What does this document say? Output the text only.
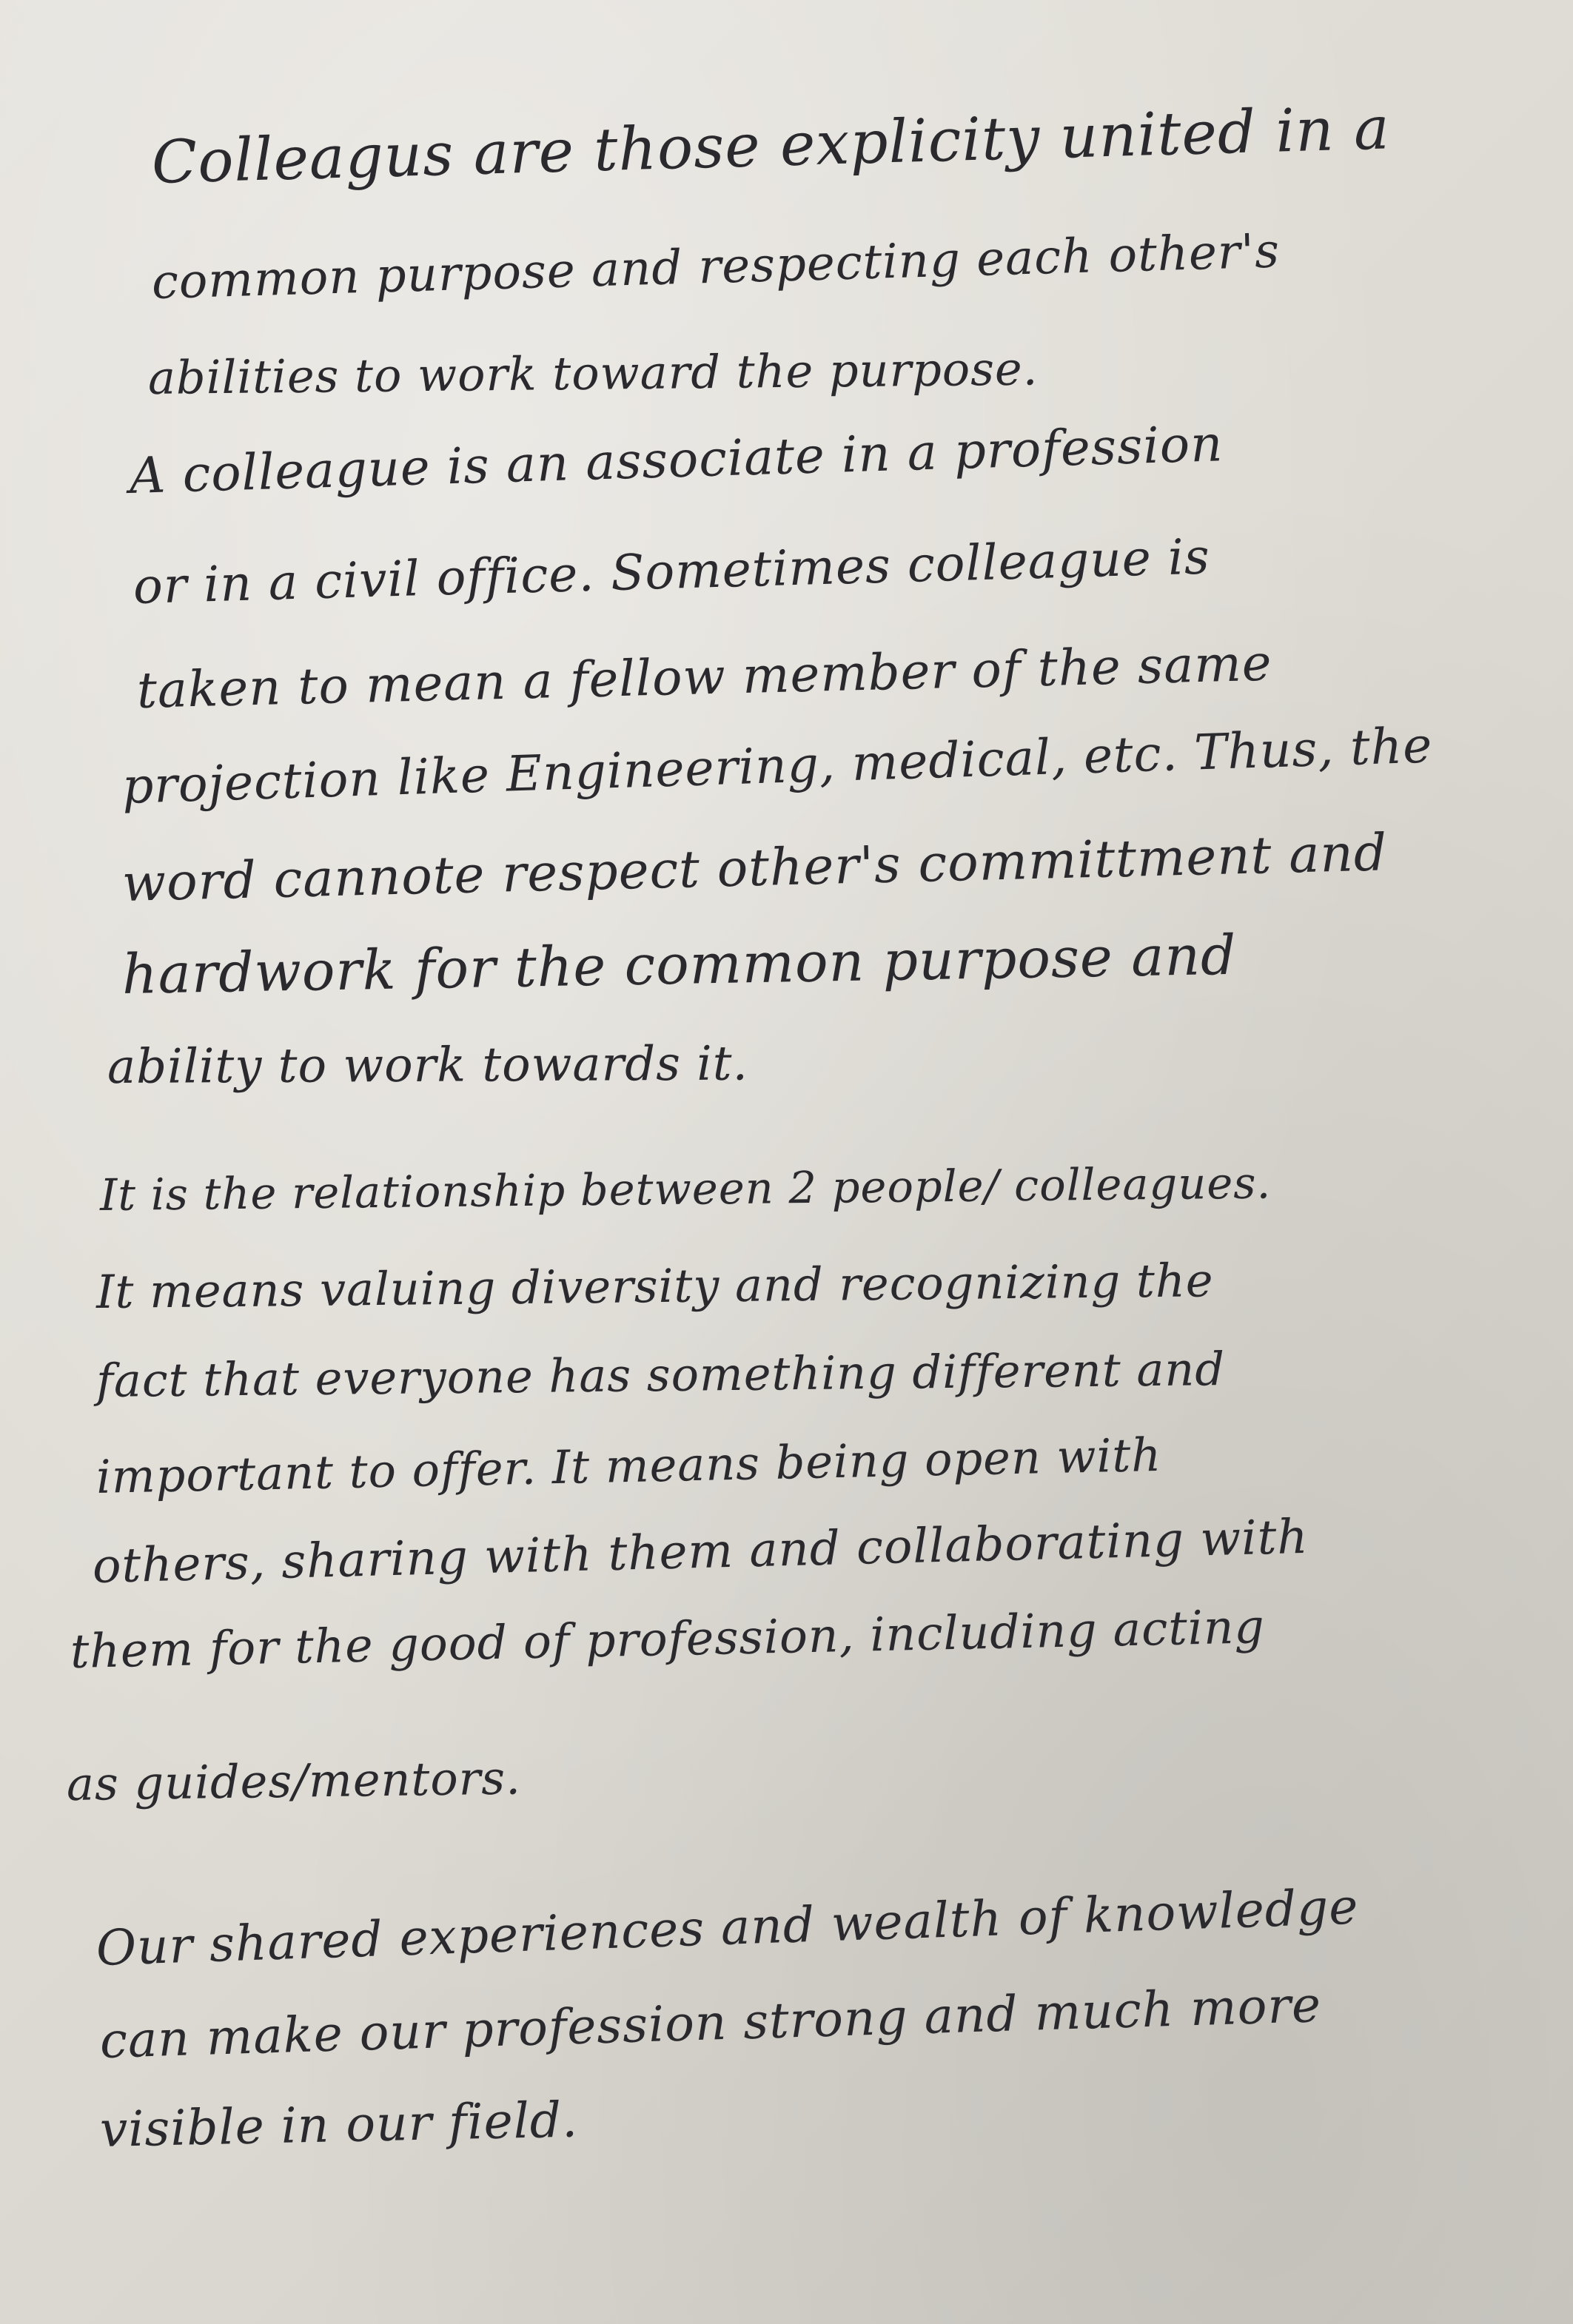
Colleagus are those explicity united in a
common purpose and respecting each other's
abilities to work toward the purpose.
A colleague is an associate in a profession
or in a civil office. Sometimes colleague is
taken to mean a fellow member of the same
projection like Engineering, medical, etc. Thus, the
word cannote respect other's committment and
hardwork for the common purpose and
ability to work towards it.
It is the relationship between 2 people/ colleagues.
It means valuing diversity and recognizing the
fact that everyone has something different and
important to offer. It means being open with
others, sharing with them and collaborating with
them for the good of profession, including acting
as guides/mentors.
Our shared experiences and wealth of knowledge
can make our profession strong and much more
visible in our field.
